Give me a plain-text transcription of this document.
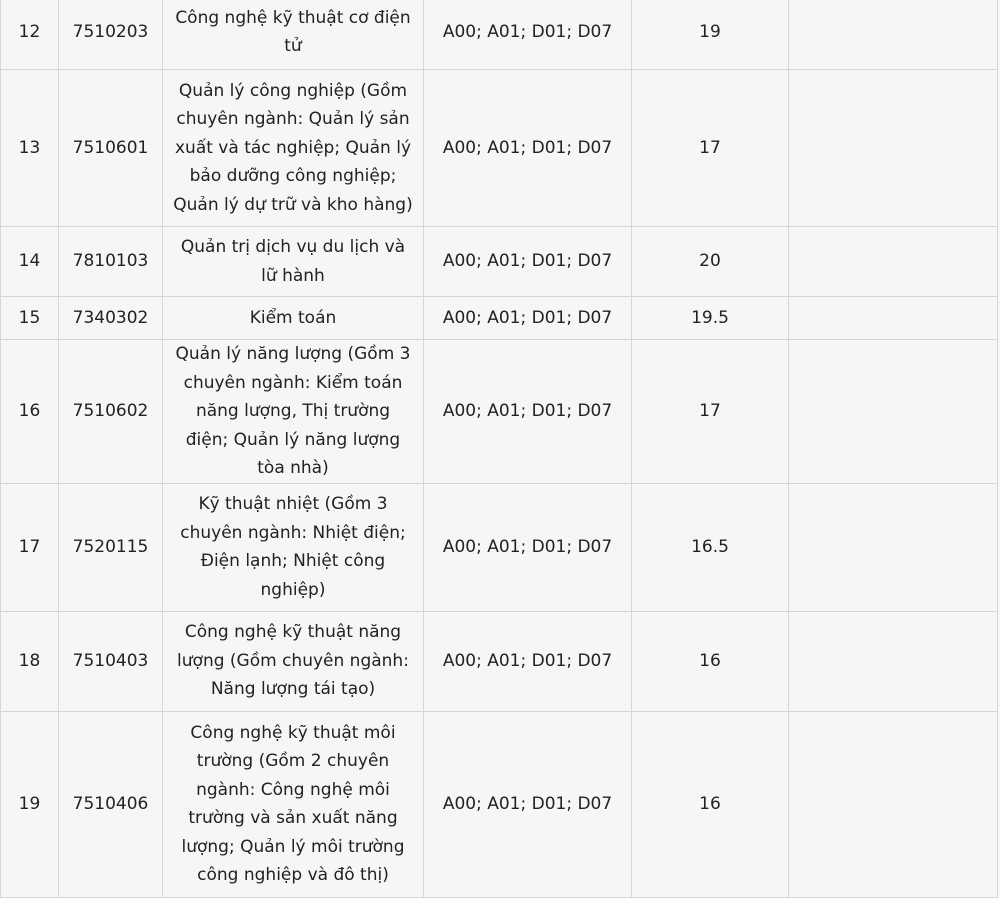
12	7510203	Công nghệ kỹ thuật cơ điện tử	A00; A01; D01; D07	19	
13	7510601	Quản lý công nghiệp (Gồm chuyên ngành: Quản lý sản xuất và tác nghiệp; Quản lý bảo dưỡng công nghiệp; Quản lý dự trữ và kho hàng)	A00; A01; D01; D07	17	
14	7810103	Quản trị dịch vụ du lịch và lữ hành	A00; A01; D01; D07	20	
15	7340302	Kiểm toán	A00; A01; D01; D07	19.5	
16	7510602	Quản lý năng lượng (Gồm 3 chuyên ngành: Kiểm toán năng lượng, Thị trường điện; Quản lý năng lượng tòa nhà)	A00; A01; D01; D07	17	
17	7520115	Kỹ thuật nhiệt (Gồm 3 chuyên ngành: Nhiệt điện; Điện lạnh; Nhiệt công nghiệp)	A00; A01; D01; D07	16.5	
18	7510403	Công nghệ kỹ thuật năng lượng (Gồm chuyên ngành: Năng lượng tái tạo)	A00; A01; D01; D07	16	
19	7510406	Công nghệ kỹ thuật môi trường (Gồm 2 chuyên ngành: Công nghệ môi trường và sản xuất năng lượng; Quản lý môi trường công nghiệp và đô thị)	A00; A01; D01; D07	16	
